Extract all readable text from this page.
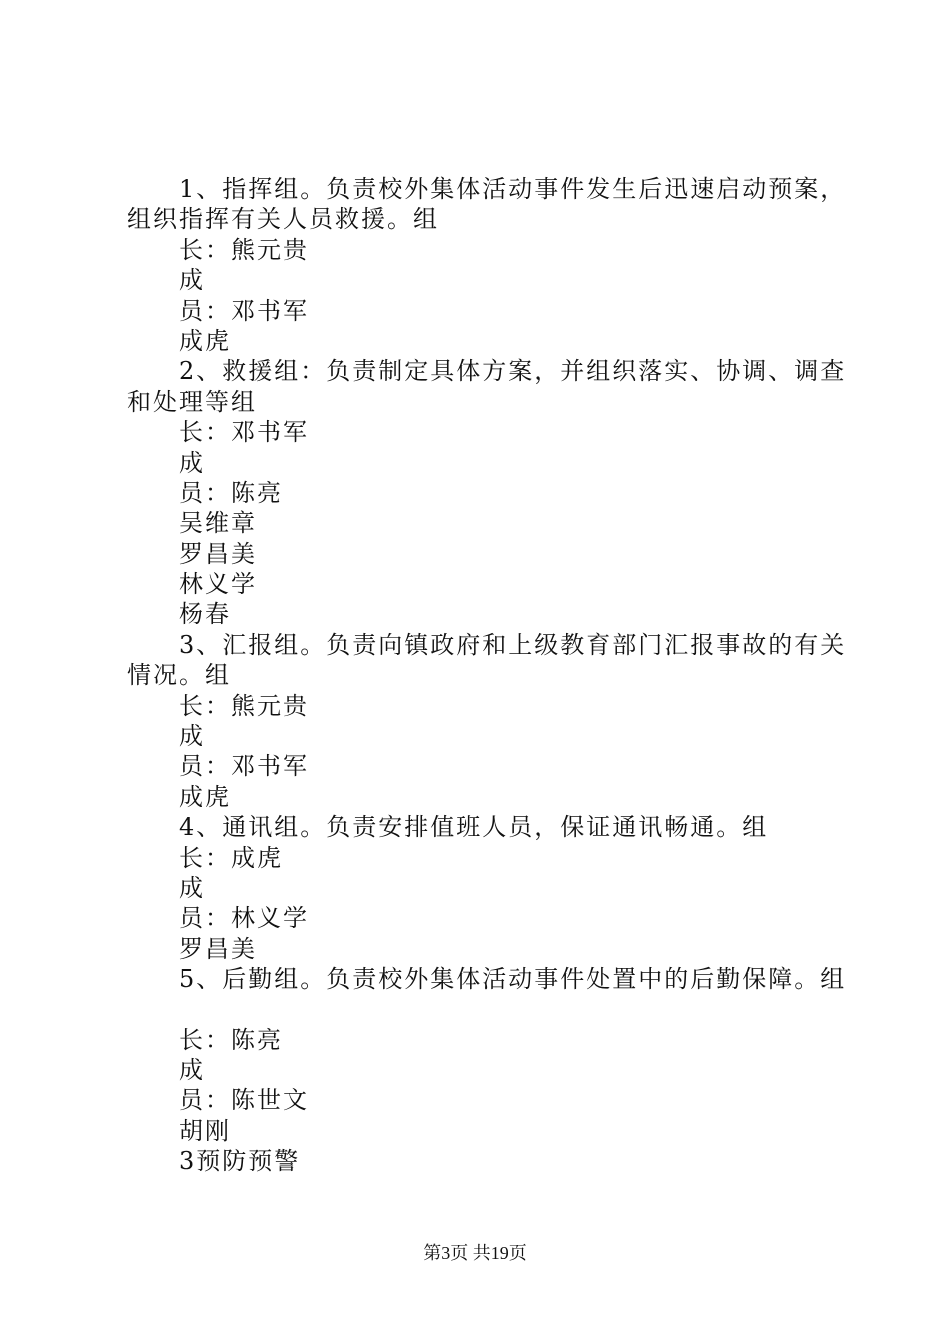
1、指挥组。负责校外集体活动事件发生后迅速启动预案，
组织指挥有关人员救援。组
长：熊元贵
成
员：邓书军
成虎
2、救援组：负责制定具体方案，并组织落实、协调、调查
和处理等组
长：邓书军
成
员：陈亮
吴维章
罗昌美
林义学
杨春
3、汇报组。负责向镇政府和上级教育部门汇报事故的有关
情况。组
长：熊元贵
成
员：邓书军
成虎
4、通讯组。负责安排值班人员，保证通讯畅通。组
长：成虎
成
员：林义学
罗昌美
5、后勤组。负责校外集体活动事件处置中的后勤保障。组
长：陈亮
成
员：陈世文
胡刚
3预防预警
第3页 共19页
